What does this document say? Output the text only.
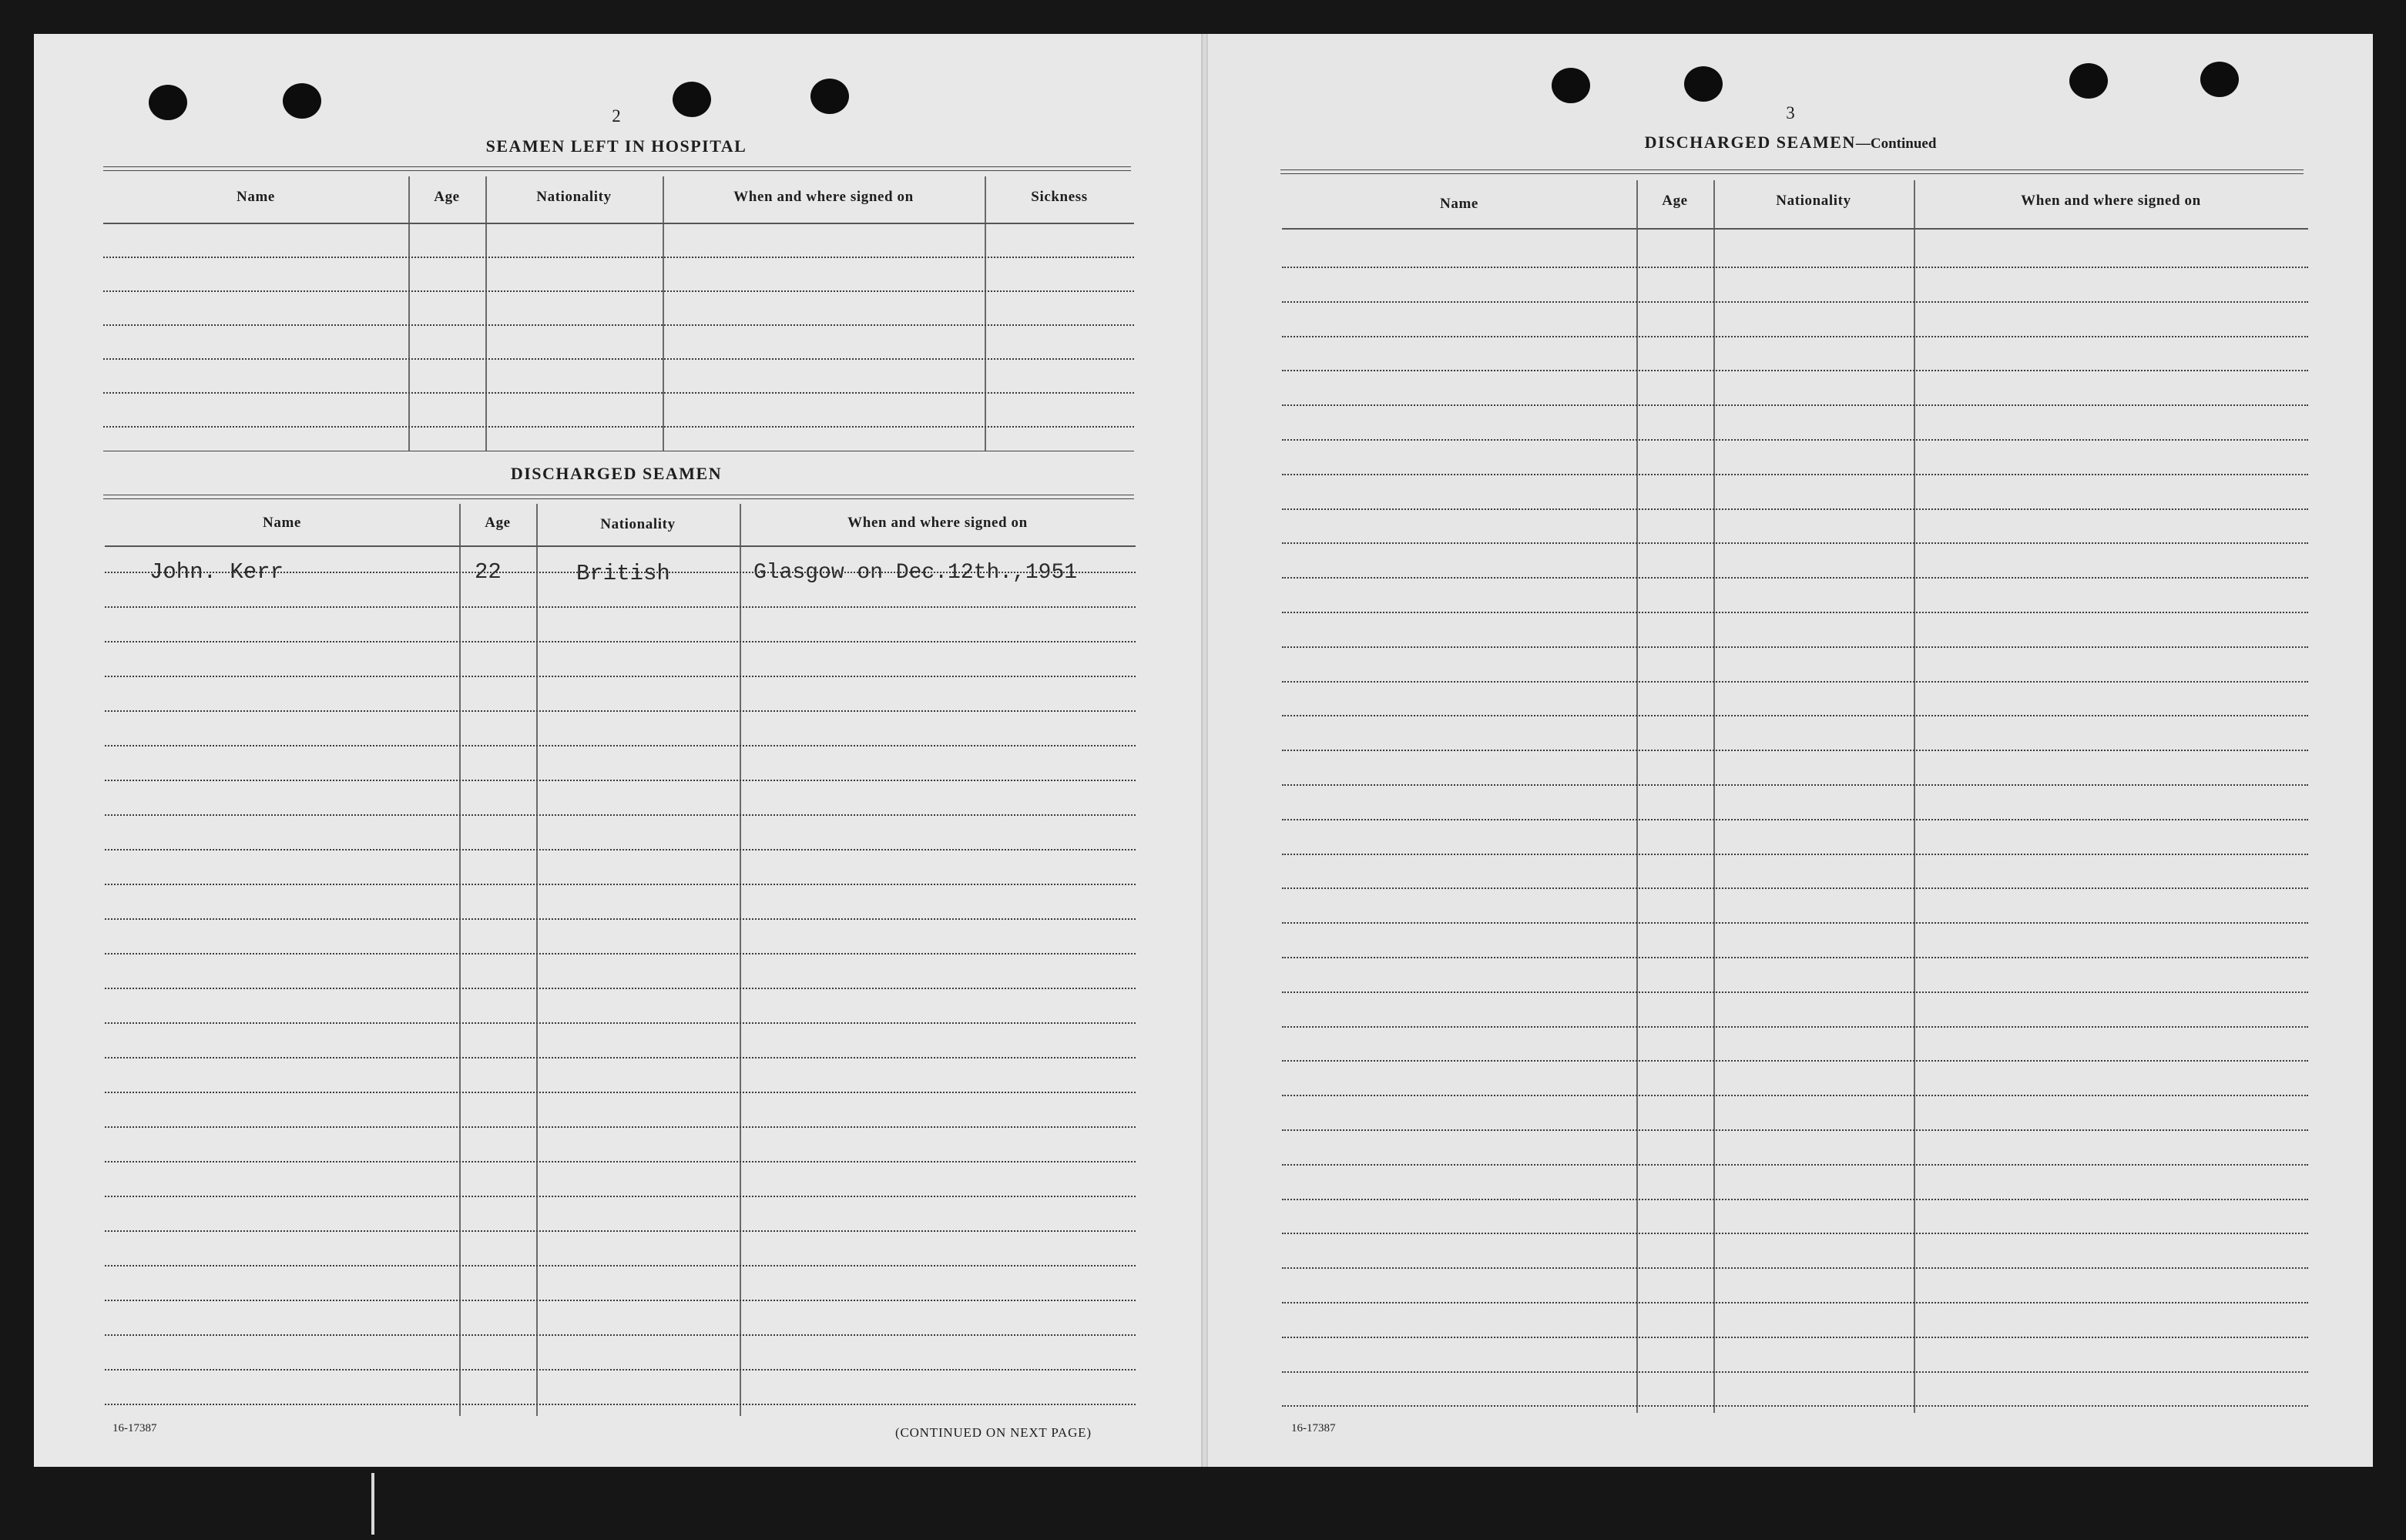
2
SEAMEN LEFT IN HOSPITAL
Name	Age	Nationality	When and where signed on	Sickness
DISCHARGED SEAMEN
Name	Age	Nationality	When and where signed on
John. Kerr	22	British	Glasgow on Dec.12th.,1951
16-17387	(CONTINUED ON NEXT PAGE)
3
DISCHARGED SEAMEN—Continued
Name	Age	Nationality	When and where signed on
16-17387
